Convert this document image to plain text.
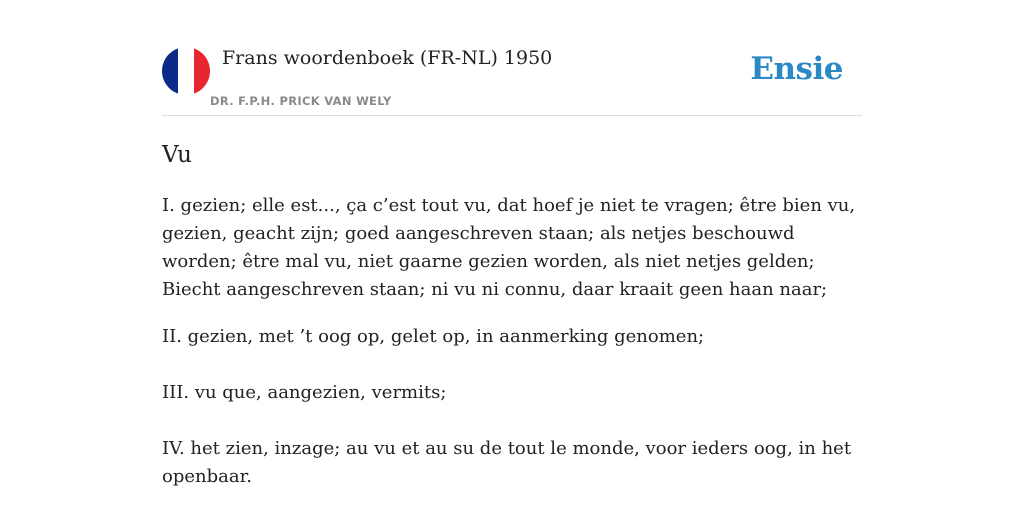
Frans woordenboek (FR-NL) 1950
DR. F.P.H. PRICK VAN WELY
Ensie
Vu

I. gezien; elle est..., ça c’est tout vu, dat hoef je niet te vragen; être bien vu, gezien, geacht zijn; goed aangeschreven staan; als netjes beschouwd worden; être mal vu, niet gaarne gezien worden, als niet netjes gelden; Biecht aangeschreven staan; ni vu ni connu, daar kraait geen haan naar;

II. gezien, met ’t oog op, gelet op, in aanmerking genomen;

III. vu que, aangezien, vermits;

IV. het zien, inzage; au vu et au su de tout le monde, voor ieders oog, in het openbaar.
